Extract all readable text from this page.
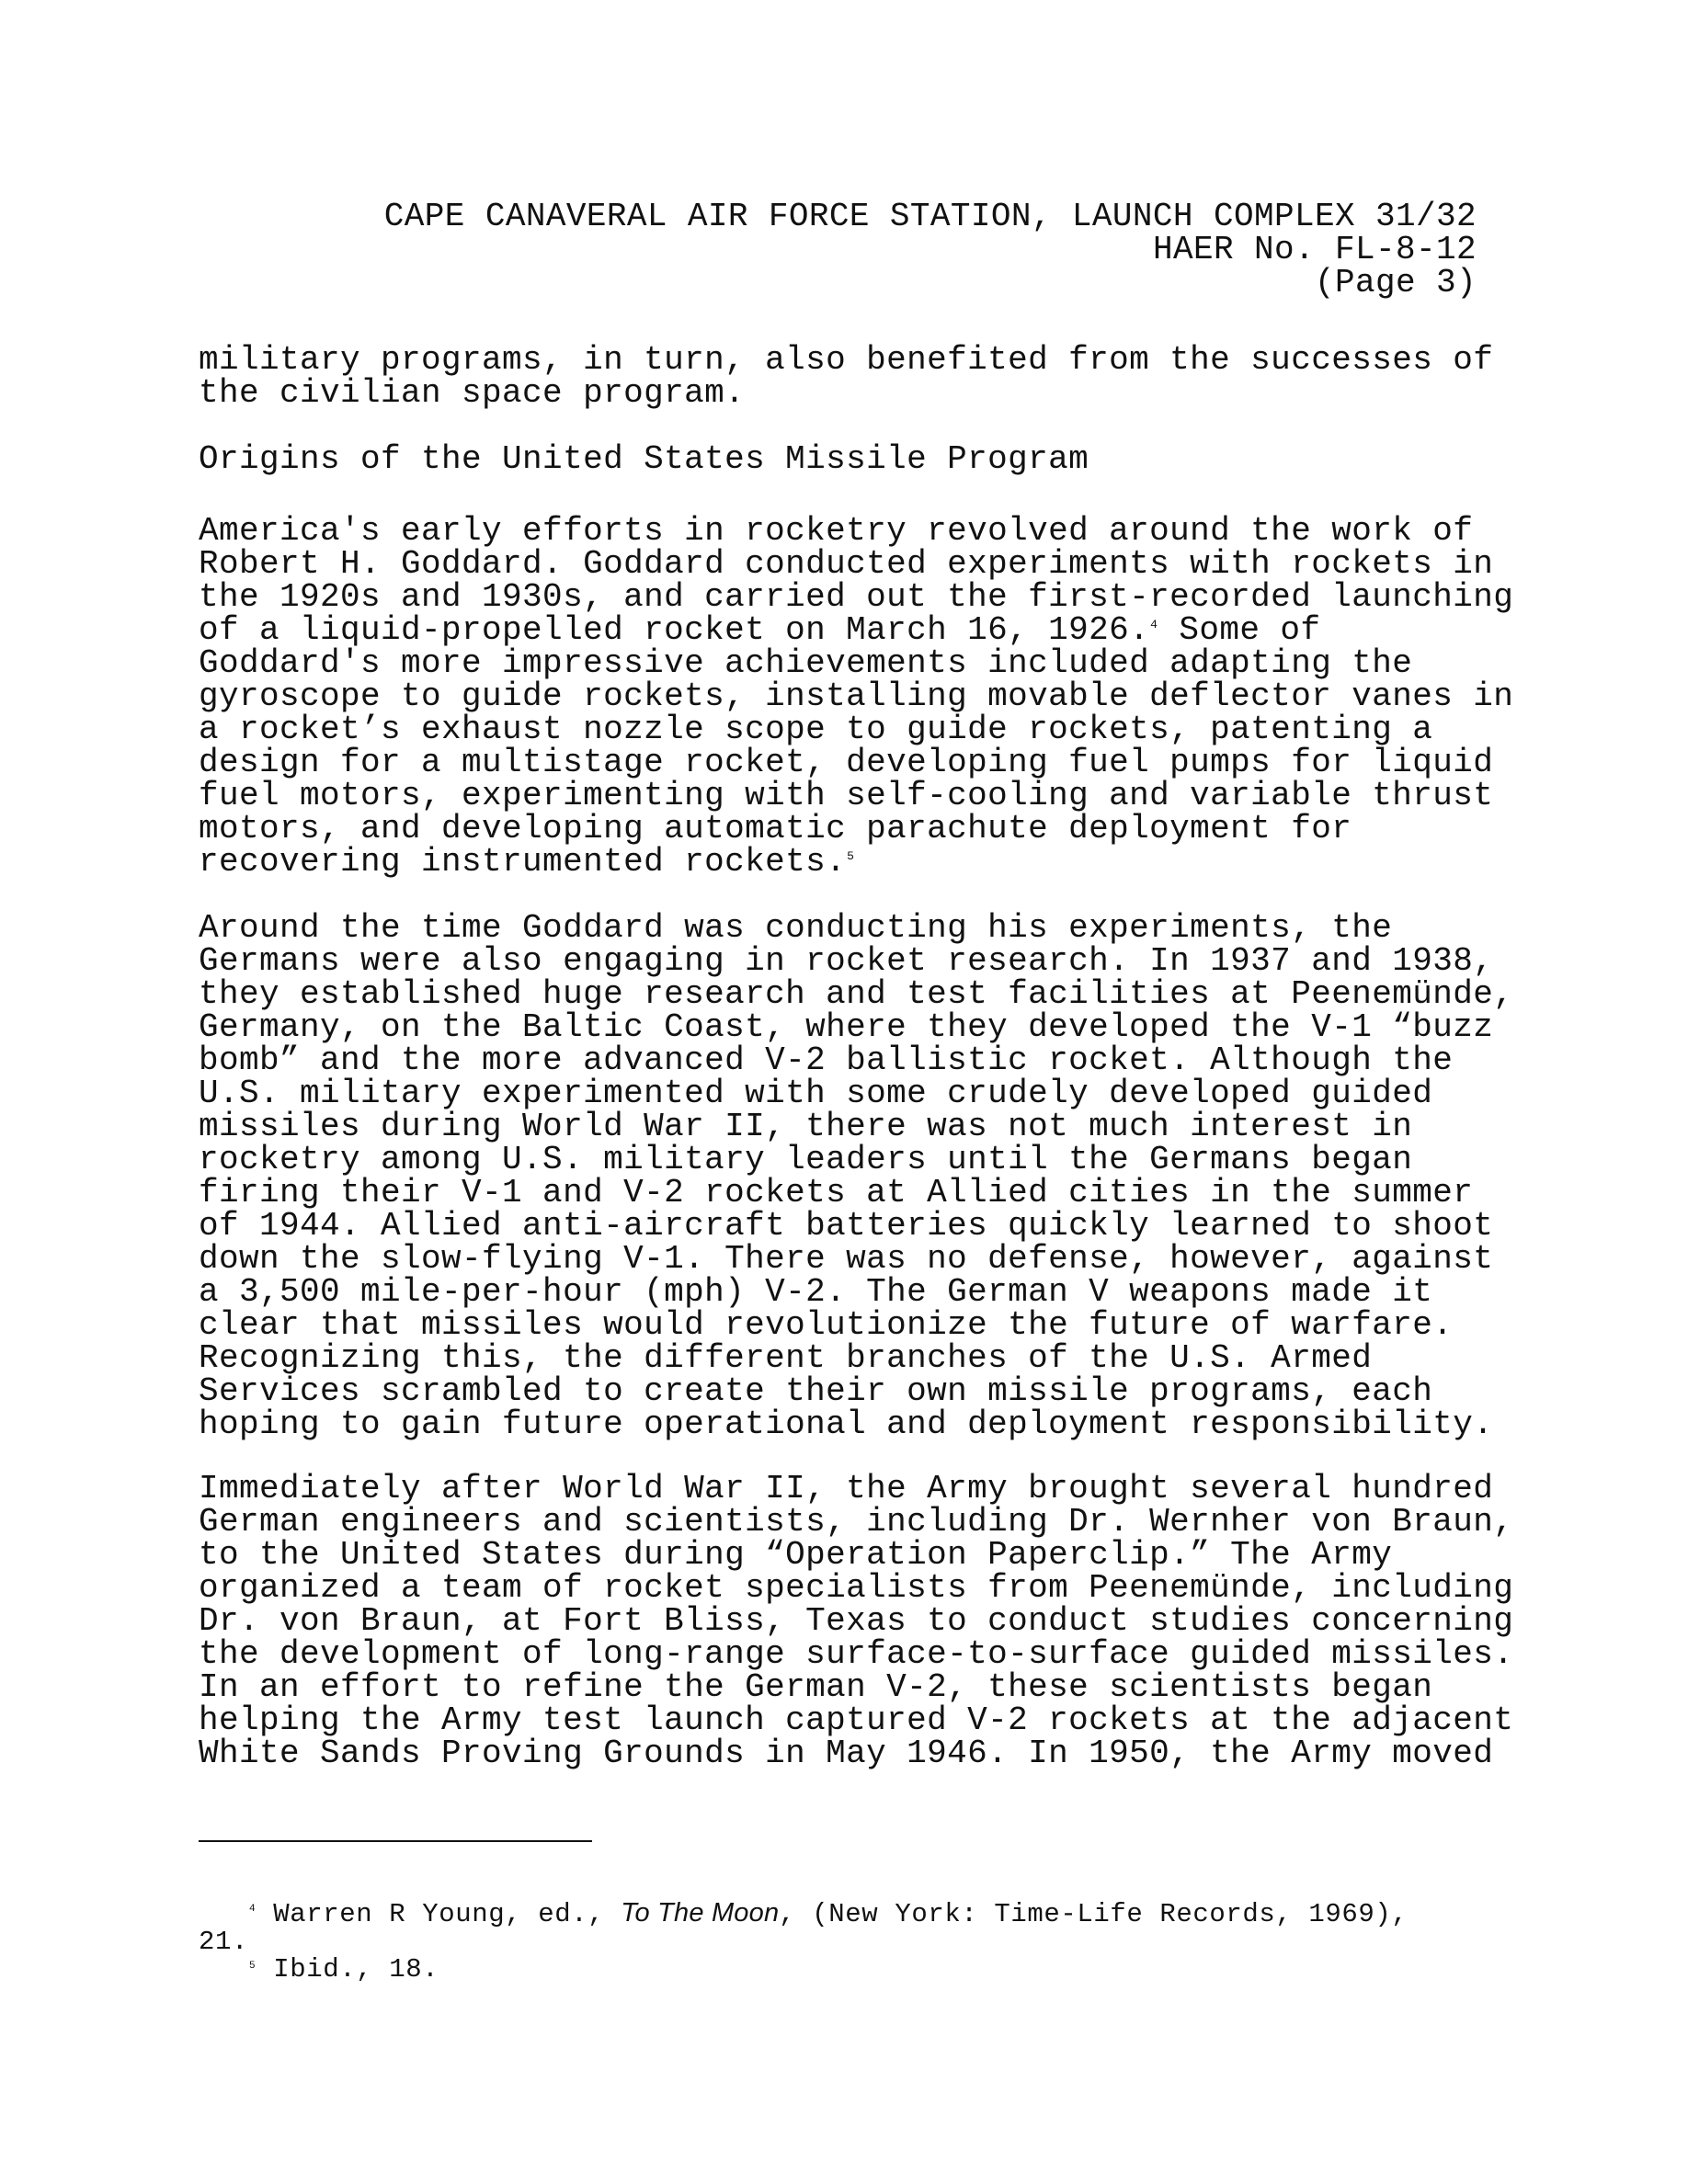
CAPE CANAVERAL AIR FORCE STATION, LAUNCH COMPLEX 31/32
HAER No. FL-8-12
(Page 3)
military programs, in turn, also benefited from the successes of
the civilian space program.
Origins of the United States Missile Program
America's early efforts in rocketry revolved around the work of
Robert H. Goddard. Goddard conducted experiments with rockets in
the 1920s and 1930s, and carried out the first-recorded launching
of a liquid-propelled rocket on March 16, 1926.$^4$ Some of
Goddard's more impressive achievements included adapting the
gyroscope to guide rockets, installing movable deflector vanes in
a rocket’s exhaust nozzle scope to guide rockets, patenting a
design for a multistage rocket, developing fuel pumps for liquid
fuel motors, experimenting with self-cooling and variable thrust
motors, and developing automatic parachute deployment for
recovering instrumented rockets.$^5$
Around the time Goddard was conducting his experiments, the
Germans were also engaging in rocket research. In 1937 and 1938,
they established huge research and test facilities at Peenemünde,
Germany, on the Baltic Coast, where they developed the V-1 “buzz
bomb” and the more advanced V-2 ballistic rocket. Although the
U.S. military experimented with some crudely developed guided
missiles during World War II, there was not much interest in
rocketry among U.S. military leaders until the Germans began
firing their V-1 and V-2 rockets at Allied cities in the summer
of 1944. Allied anti-aircraft batteries quickly learned to shoot
down the slow-flying V-1. There was no defense, however, against
a 3,500 mile-per-hour (mph) V-2. The German V weapons made it
clear that missiles would revolutionize the future of warfare.
Recognizing this, the different branches of the U.S. Armed
Services scrambled to create their own missile programs, each
hoping to gain future operational and deployment responsibility.
Immediately after World War II, the Army brought several hundred
German engineers and scientists, including Dr. Wernher von Braun,
to the United States during “Operation Paperclip.” The Army
organized a team of rocket specialists from Peenemünde, including
Dr. von Braun, at Fort Bliss, Texas to conduct studies concerning
the development of long-range surface-to-surface guided missiles.
In an effort to refine the German V-2, these scientists began
helping the Army test launch captured V-2 rockets at the adjacent
White Sands Proving Grounds in May 1946. In 1950, the Army moved
$^4$ Warren R Young, ed., To The Moon, (New York: Time-Life Records, 1969),
21.
$^5$ Ibid., 18.
